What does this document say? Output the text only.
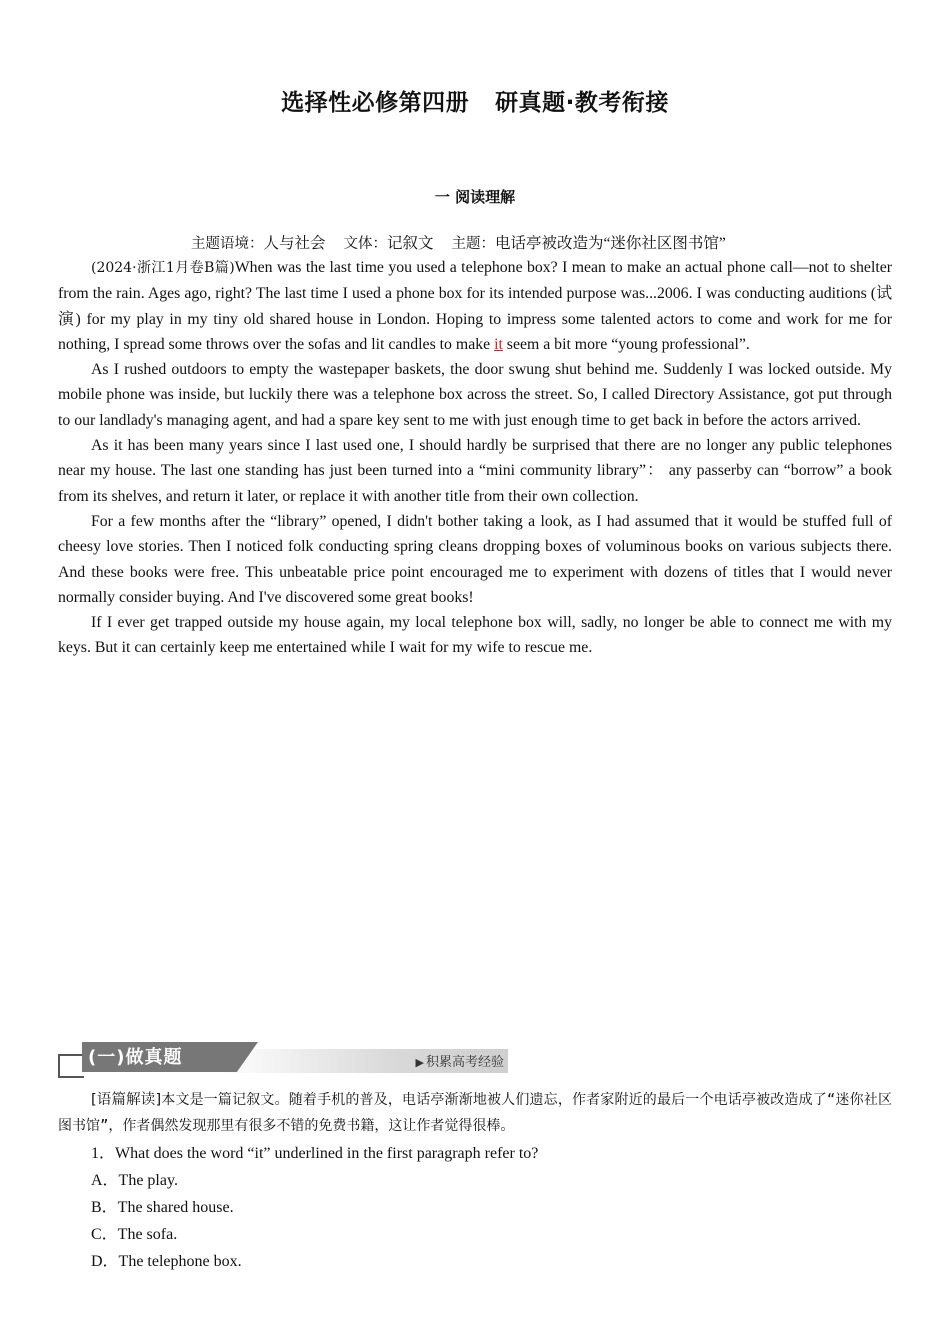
选择性必修第四册 研真题·教考衔接
一 阅读理解
主题语境：人与社会 文体：记叙文 主题：电话亭被改造为“迷你社区图书馆”

(2024·浙江1月卷B篇)When was the last time you used a telephone box? I mean to make an actual phone call—not to shelter from the rain. Ages ago, right? The last time I used a phone box for its intended purpose was...2006. I was conducting auditions (试演) for my play in my tiny old shared house in London. Hoping to impress some talented actors to come and work for me for nothing, I spread some throws over the sofas and lit candles to make it seem a bit more “young professional”.

As I rushed outdoors to empty the wastepaper baskets, the door swung shut behind me. Suddenly I was locked outside. My mobile phone was inside, but luckily there was a telephone box across the street. So, I called Directory Assistance, got put through to our landlady's managing agent, and had a spare key sent to me with just enough time to get back in before the actors arrived.

As it has been many years since I last used one, I should hardly be surprised that there are no longer any public telephones near my house. The last one standing has just been turned into a “mini community library”： any passerby can “borrow” a book from its shelves, and return it later, or replace it with another title from their own collection.

For a few months after the “library” opened, I didn't bother taking a look, as I had assumed that it would be stuffed full of cheesy love stories. Then I noticed folk conducting spring cleans dropping boxes of voluminous books on various subjects there. And these books were free. This unbeatable price point encouraged me to experiment with dozens of titles that I would never normally consider buying. And I've discovered some great books!

If I ever get trapped outside my house again, my local telephone box will, sadly, no longer be able to connect me with my keys. But it can certainly keep me entertained while I wait for my wife to rescue me.

(一)做真题	▶ 积累高考经验

[语篇解读]本文是一篇记叙文。随着手机的普及，电话亭渐渐地被人们遗忘，作者家附近的最后一个电话亭被改造成了“迷你社区图书馆”，作者偶然发现那里有很多不错的免费书籍，这让作者觉得很棒。

1．What does the word “it” underlined in the first paragraph refer to?
A．The play.
B．The shared house.
C．The sofa.
D．The telephone box.
